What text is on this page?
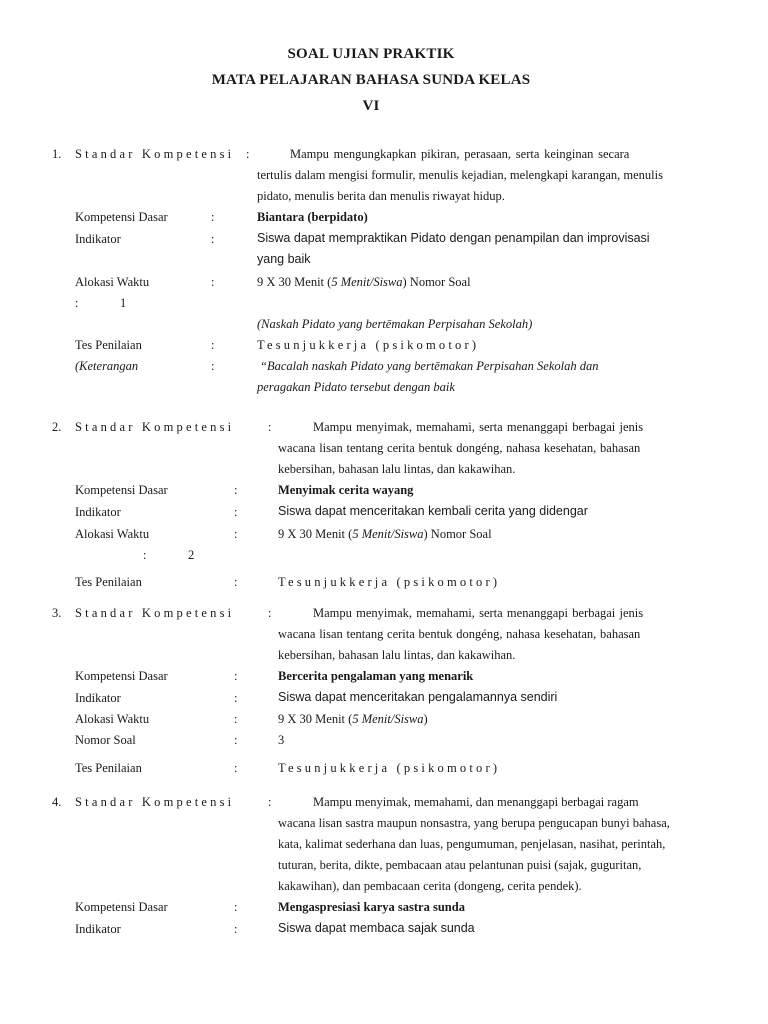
SOAL UJIAN PRAKTIK
MATA PELAJARAN BAHASA SUNDA KELAS
VI
1. Standar Kompetensi :	Mampu mengungkapkan pikiran, perasaan, serta keinginan secara
tertulis dalam mengisi formulir, menulis kejadian, melengkapi karangan, menulis
pidato, menulis berita dan menulis riwayat hidup.
Kompetensi Dasar	:	Biantara (berpidato)
Indikator	:	Siswa dapat mempraktikan Pidato dengan penampilan dan improvisasi
yang baik
Alokasi Waktu	:	9 X 30 Menit (5 Menit/Siswa) Nomor Soal
:	1
(Naskah Pidato yang bertēmakan Perpisahan Sekolah)
Tes Penilaian	:	Tesunjukkerja (psikomotor)
(Keterangan	:	“Bacalah naskah Pidato yang bertēmakan Perpisahan Sekolah dan
peragakan Pidato tersebut dengan baik
2. Standar Kompetensi	:	Mampu menyimak, memahami, serta menanggapi berbagai jenis
wacana lisan tentang cerita bentuk dongéng, nahasa kesehatan, bahasan
kebersihan, bahasan lalu lintas, dan kakawihan.
Kompetensi Dasar	:	Menyimak cerita wayang
Indikator	:	Siswa dapat menceritakan kembali cerita yang didengar
Alokasi Waktu	:	9 X 30 Menit (5 Menit/Siswa) Nomor Soal
:	2
Tes Penilaian	:	Tesunjukkerja (psikomotor)
3. Standar Kompetensi	:	Mampu menyimak, memahami, serta menanggapi berbagai jenis
wacana lisan tentang cerita bentuk dongéng, nahasa kesehatan, bahasan
kebersihan, bahasan lalu lintas, dan kakawihan.
Kompetensi Dasar	:	Bercerita pengalaman yang menarik
Indikator	:	Siswa dapat menceritakan pengalamannya sendiri
Alokasi Waktu	:	9 X 30 Menit (5 Menit/Siswa)
Nomor Soal	:	3
Tes Penilaian	:	Tesunjukkerja (psikomotor)
4. Standar Kompetensi	:	Mampu menyimak, memahami, dan menanggapi berbagai ragam
wacana lisan sastra maupun nonsastra, yang berupa pengucapan bunyi bahasa,
kata, kalimat sederhana dan luas, pengumuman, penjelasan, nasihat, perintah,
tuturan, berita, dikte, pembacaan atau pelantunan puisi (sajak, guguritan,
kakawihan), dan pembacaan cerita (dongeng, cerita pendek).
Kompetensi Dasar	:	Mengaspresiasi karya sastra sunda
Indikator	:	Siswa dapat membaca sajak sunda
